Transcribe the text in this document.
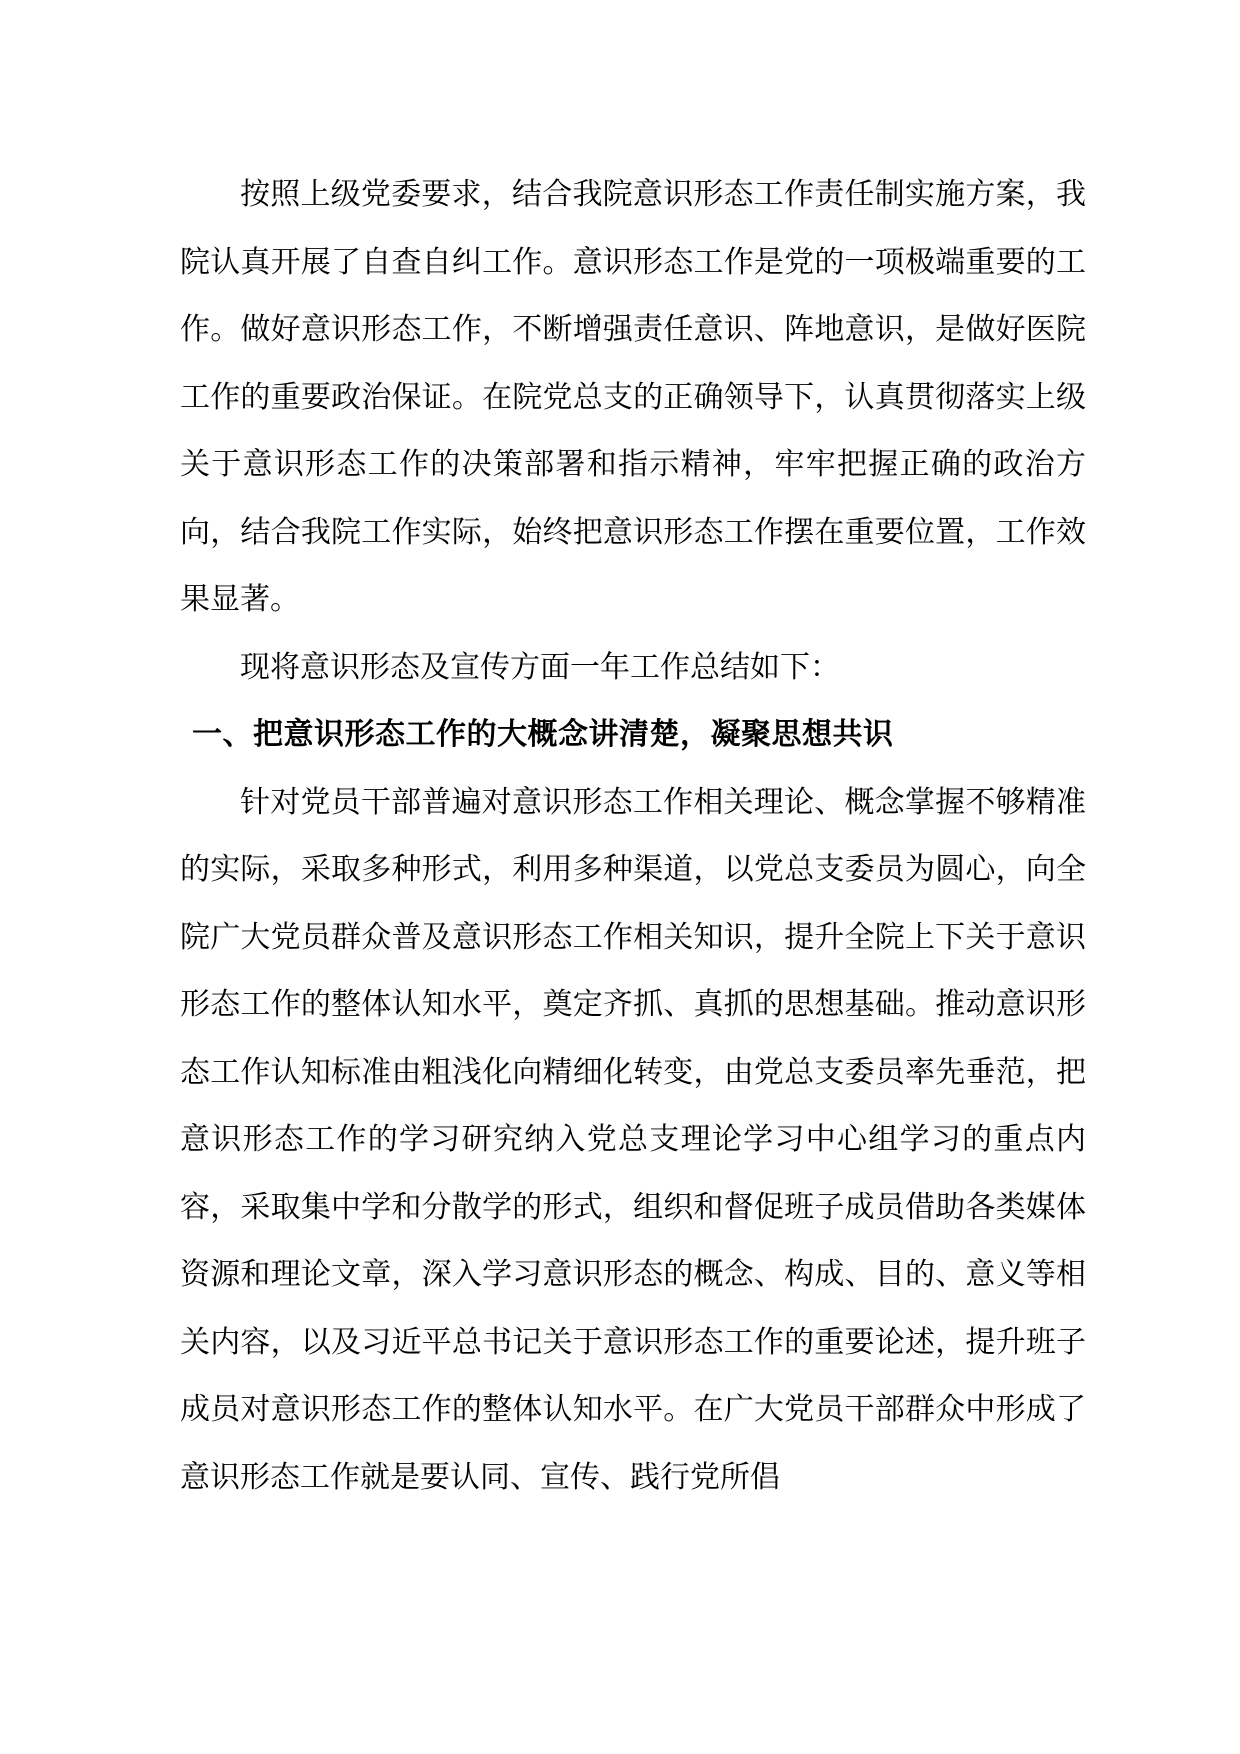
按照上级党委要求，结合我院意识形态工作责任制实施方案，我院认真开展了自查自纠工作。意识形态工作是党的一项极端重要的工作。做好意识形态工作，不断增强责任意识、阵地意识，是做好医院工作的重要政治保证。在院党总支的正确领导下，认真贯彻落实上级关于意识形态工作的决策部署和指示精神，牢牢把握正确的政治方向，结合我院工作实际，始终把意识形态工作摆在重要位置，工作效果显著。

现将意识形态及宣传方面一年工作总结如下：

一、把意识形态工作的大概念讲清楚，凝聚思想共识

针对党员干部普遍对意识形态工作相关理论、概念掌握不够精准的实际，采取多种形式，利用多种渠道，以党总支委员为圆心，向全院广大党员群众普及意识形态工作相关知识，提升全院上下关于意识形态工作的整体认知水平，奠定齐抓、真抓的思想基础。推动意识形态工作认知标准由粗浅化向精细化转变，由党总支委员率先垂范，把意识形态工作的学习研究纳入党总支理论学习中心组学习的重点内容，采取集中学和分散学的形式，组织和督促班子成员借助各类媒体资源和理论文章，深入学习意识形态的概念、构成、目的、意义等相关内容，以及习近平总书记关于意识形态工作的重要论述，提升班子成员对意识形态工作的整体认知水平。在广大党员干部群众中形成了意识形态工作就是要认同、宣传、践行党所倡
